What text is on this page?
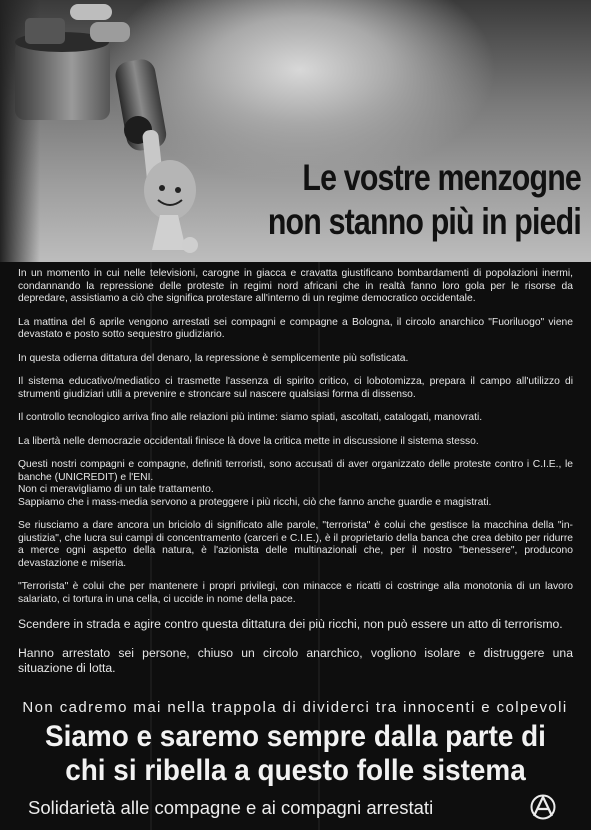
Le vostre menzogne
non stanno più in piedi

In un momento in cui nelle televisioni, carogne in giacca e cravatta giustificano bombardamenti di popolazioni inermi, condannando la repressione delle proteste in regimi nord africani che in realtà fanno loro gola per le risorse da depredare, assistiamo a ciò che significa protestare all'interno di un regime democratico occidentale.

La mattina del 6 aprile vengono arrestati sei compagni e compagne a Bologna, il circolo anarchico "Fuoriluogo" viene devastato e posto sotto sequestro giudiziario.

In questa odierna dittatura del denaro, la repressione è semplicemente più sofisticata.

Il sistema educativo/mediatico ci trasmette l'assenza di spirito critico, ci lobotomizza, prepara il campo all'utilizzo di strumenti giudiziari utili a prevenire e stroncare sul nascere qualsiasi forma di dissenso.

Il controllo tecnologico arriva fino alle relazioni più intime: siamo spiati, ascoltati, catalogati, manovrati.

La libertà nelle democrazie occidentali finisce là dove la critica mette in discussione il sistema stesso.

Questi nostri compagni e compagne, definiti terroristi, sono accusati di aver organizzato delle proteste contro i C.I.E., le banche (UNICREDIT) e l'ENI.
Non ci meravigliamo di un tale trattamento.
Sappiamo che i mass-media servono a proteggere i più ricchi, ciò che fanno anche guardie e magistrati.

Se riusciamo a dare ancora un briciolo di significato alle parole, "terrorista" è colui che gestisce la macchina della "in-giustizia", che lucra sui campi di concentramento (carceri e C.I.E.), è il proprietario della banca che crea debito per ridurre a merce ogni aspetto della natura, è l'azionista delle multinazionali che, per il nostro "benessere", producono devastazione e miseria.

"Terrorista" è colui che per mantenere i propri privilegi, con minacce e ricatti ci costringe alla monotonia di un lavoro salariato, ci tortura in una cella, ci uccide in nome della pace.

Scendere in strada e agire contro questa dittatura dei più ricchi, non può essere un atto di terrorismo.

Hanno arrestato sei persone, chiuso un circolo anarchico, vogliono isolare e distruggere una situazione di lotta.

Non cadremo mai nella trappola di dividerci tra innocenti e colpevoli
Siamo e saremo sempre dalla parte di
chi si ribella a questo folle sistema
Solidarietà alle compagne e ai compagni arrestati
